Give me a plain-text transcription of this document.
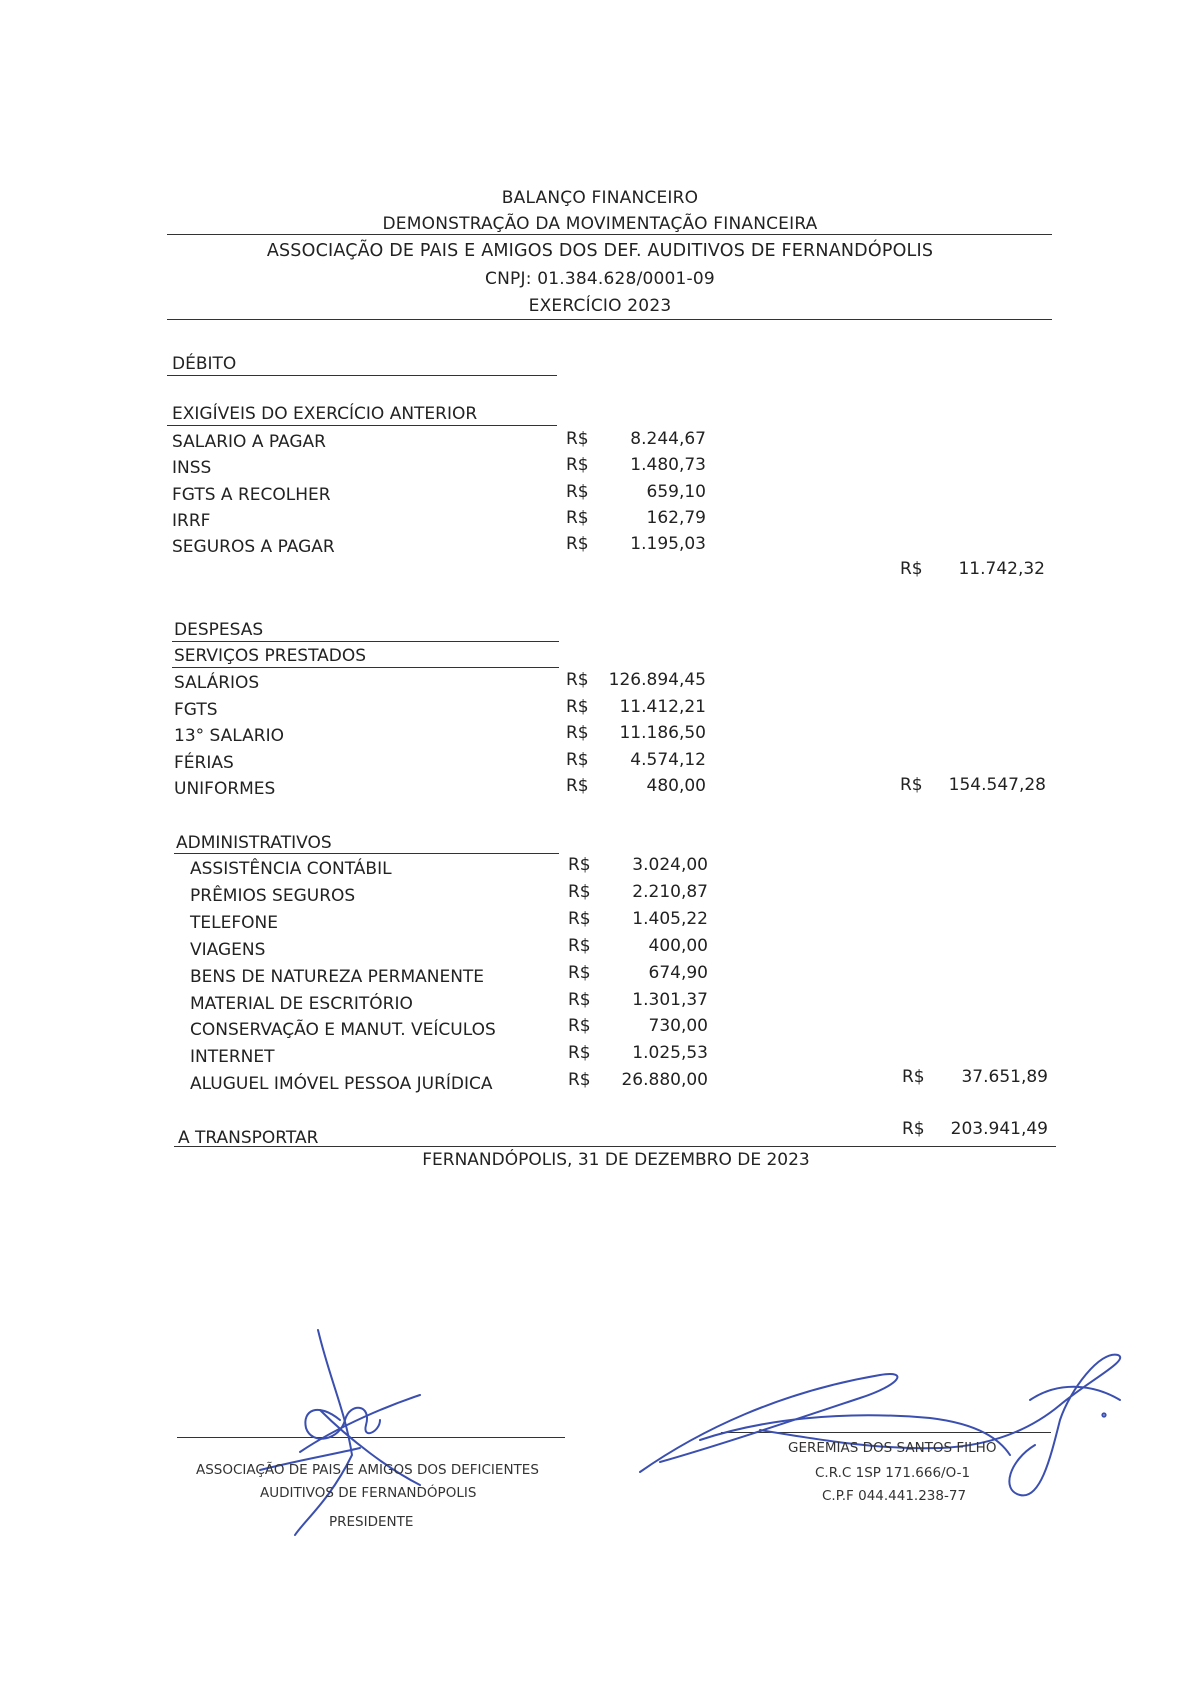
BALANÇO FINANCEIRO
DEMONSTRAÇÃO DA MOVIMENTAÇÃO FINANCEIRA
ASSOCIAÇÃO DE PAIS E AMIGOS DOS DEF. AUDITIVOS DE FERNANDÓPOLIS
CNPJ: 01.384.628/0001-09
EXERCÍCIO 2023
DÉBITO
EXIGÍVEIS DO EXERCÍCIO ANTERIOR
SALARIO A PAGAR	R$	8.244,67
INSS	R$	1.480,73
FGTS A RECOLHER	R$	659,10
IRRF	R$	162,79
SEGUROS A PAGAR	R$	1.195,03
R$	11.742,32
DESPESAS
SERVIÇOS PRESTADOS
SALÁRIOS	R$	126.894,45
FGTS	R$	11.412,21
13° SALARIO	R$	11.186,50
FÉRIAS	R$	4.574,12
UNIFORMES	R$	480,00	R$	154.547,28
ADMINISTRATIVOS
ASSISTÊNCIA CONTÁBIL	R$	3.024,00
PRÊMIOS SEGUROS	R$	2.210,87
TELEFONE	R$	1.405,22
VIAGENS	R$	400,00
BENS DE NATUREZA PERMANENTE	R$	674,90
MATERIAL DE ESCRITÓRIO	R$	1.301,37
CONSERVAÇÃO E MANUT. VEÍCULOS	R$	730,00
INTERNET	R$	1.025,53
ALUGUEL IMÓVEL PESSOA JURÍDICA	R$	26.880,00	R$	37.651,89
A TRANSPORTAR	R$	203.941,49
FERNANDÓPOLIS, 31 DE DEZEMBRO DE 2023
ASSOCIAÇÃO DE PAIS E AMIGOS DOS DEFICIENTES
AUDITIVOS DE FERNANDÓPOLIS
PRESIDENTE
GEREMIAS DOS SANTOS FILHO
C.R.C 1SP 171.666/O-1
C.P.F 044.441.238-77
